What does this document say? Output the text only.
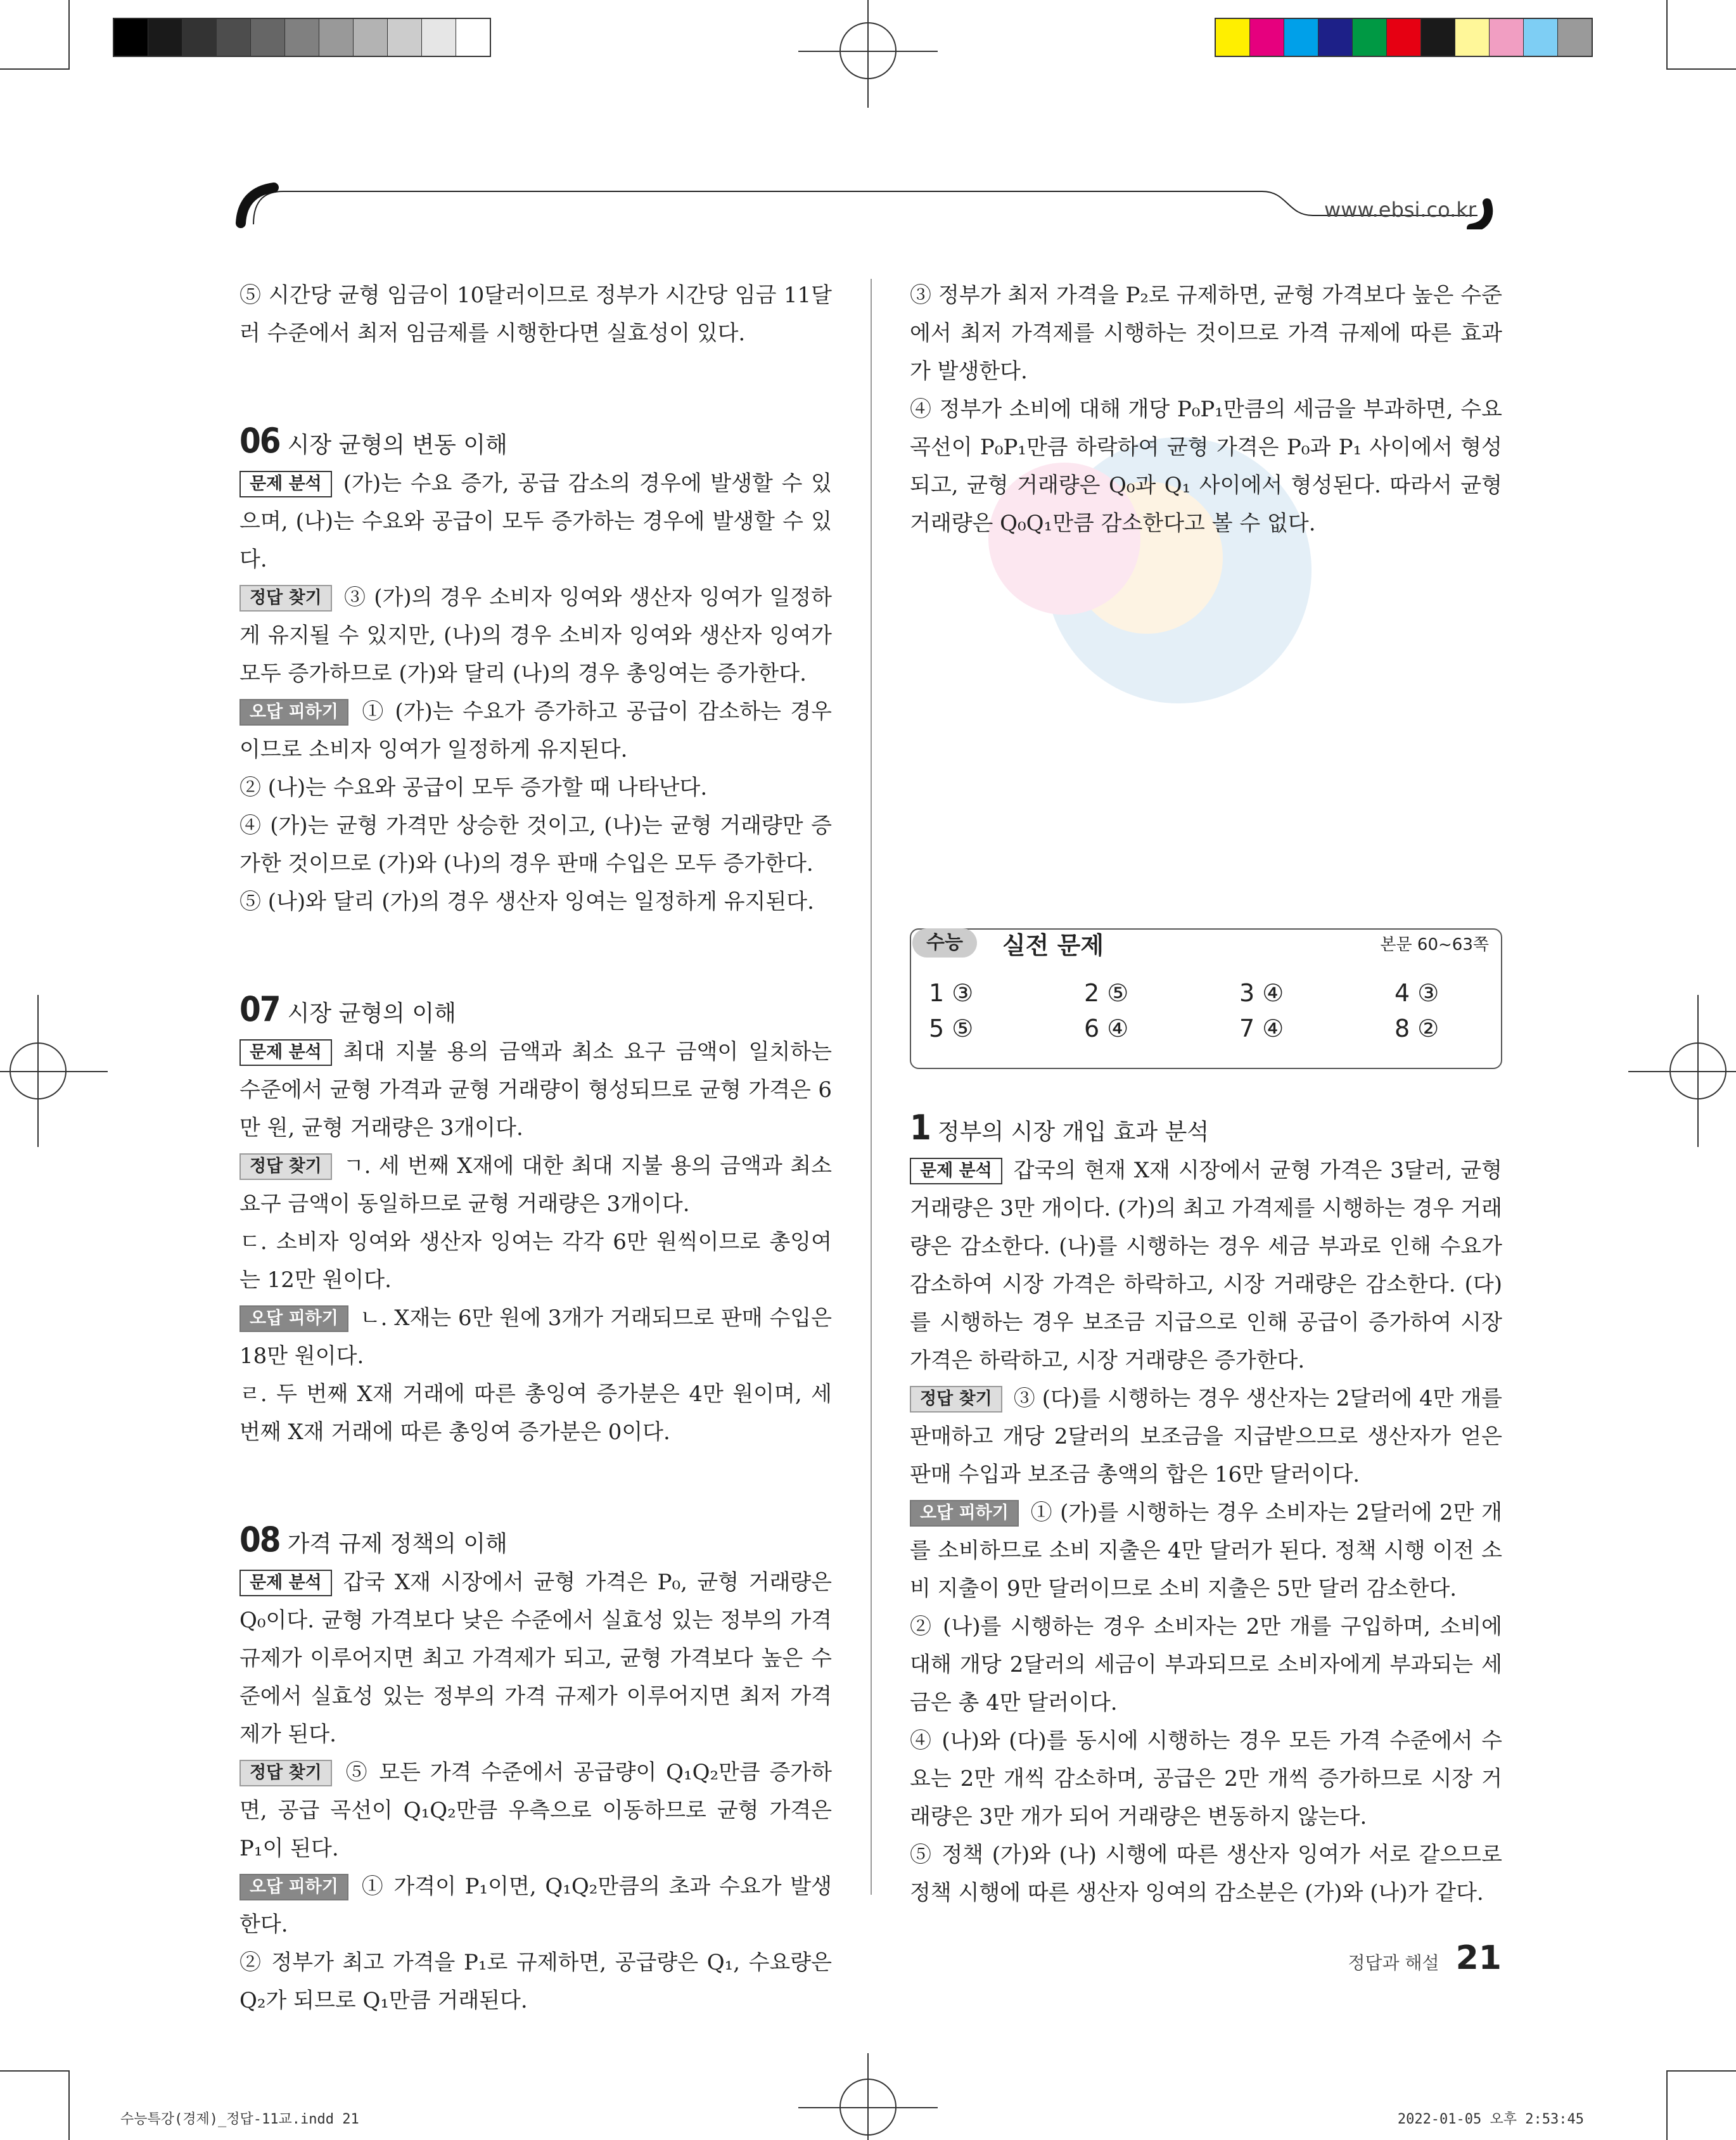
www.ebsi.co.kr

⑤ 시간당 균형 임금이 10달러이므로 정부가 시간당 임금 11달러 수준에서 최저 임금제를 시행한다면 실효성이 있다.

06 시장 균형의 변동 이해

문제 분석 (가)는 수요 증가, 공급 감소의 경우에 발생할 수 있으며, (나)는 수요와 공급이 모두 증가하는 경우에 발생할 수 있다.

정답 찾기 ③ (가)의 경우 소비자 잉여와 생산자 잉여가 일정하게 유지될 수 있지만, (나)의 경우 소비자 잉여와 생산자 잉여가 모두 증가하므로 (가)와 달리 (나)의 경우 총잉여는 증가한다.

오답 피하기 ① (가)는 수요가 증가하고 공급이 감소하는 경우이므로 소비자 잉여가 일정하게 유지된다.

② (나)는 수요와 공급이 모두 증가할 때 나타난다.

④ (가)는 균형 가격만 상승한 것이고, (나)는 균형 거래량만 증가한 것이므로 (가)와 (나)의 경우 판매 수입은 모두 증가한다.

⑤ (나)와 달리 (가)의 경우 생산자 잉여는 일정하게 유지된다.

07 시장 균형의 이해

문제 분석 최대 지불 용의 금액과 최소 요구 금액이 일치하는 수준에서 균형 가격과 균형 거래량이 형성되므로 균형 가격은 6만 원, 균형 거래량은 3개이다.

정답 찾기 ㄱ. 세 번째 X재에 대한 최대 지불 용의 금액과 최소 요구 금액이 동일하므로 균형 거래량은 3개이다.

ㄷ. 소비자 잉여와 생산자 잉여는 각각 6만 원씩이므로 총잉여는 12만 원이다.

오답 피하기 ㄴ. X재는 6만 원에 3개가 거래되므로 판매 수입은 18만 원이다.

ㄹ. 두 번째 X재 거래에 따른 총잉여 증가분은 4만 원이며, 세 번째 X재 거래에 따른 총잉여 증가분은 0이다.

08 가격 규제 정책의 이해

문제 분석 갑국 X재 시장에서 균형 가격은 P₀, 균형 거래량은 Q₀이다. 균형 가격보다 낮은 수준에서 실효성 있는 정부의 가격 규제가 이루어지면 최고 가격제가 되고, 균형 가격보다 높은 수준에서 실효성 있는 정부의 가격 규제가 이루어지면 최저 가격제가 된다.

정답 찾기 ⑤ 모든 가격 수준에서 공급량이 Q₁Q₂만큼 증가하면, 공급 곡선이 Q₁Q₂만큼 우측으로 이동하므로 균형 가격은 P₁이 된다.

오답 피하기 ① 가격이 P₁이면, Q₁Q₂만큼의 초과 수요가 발생한다.

② 정부가 최고 가격을 P₁로 규제하면, 공급량은 Q₁, 수요량은 Q₂가 되므로 Q₁만큼 거래된다.

③ 정부가 최저 가격을 P₂로 규제하면, 균형 가격보다 높은 수준에서 최저 가격제를 시행하는 것이므로 가격 규제에 따른 효과가 발생한다.

④ 정부가 소비에 대해 개당 P₀P₁만큼의 세금을 부과하면, 수요곡선이 P₀P₁만큼 하락하여 균형 가격은 P₀과 P₁ 사이에서 형성되고, 균형 거래량은 Q₀과 Q₁ 사이에서 형성된다. 따라서 균형 거래량은 Q₀Q₁만큼 감소한다고 볼 수 없다.

수능	실전 문제	본문 60~63쪽
1 ③	2 ⑤	3 ④	4 ③
5 ⑤	6 ④	7 ④	8 ②

1 정부의 시장 개입 효과 분석

문제 분석 갑국의 현재 X재 시장에서 균형 가격은 3달러, 균형 거래량은 3만 개이다. (가)의 최고 가격제를 시행하는 경우 거래량은 감소한다. (나)를 시행하는 경우 세금 부과로 인해 수요가 감소하여 시장 가격은 하락하고, 시장 거래량은 감소한다. (다)를 시행하는 경우 보조금 지급으로 인해 공급이 증가하여 시장 가격은 하락하고, 시장 거래량은 증가한다.

정답 찾기 ③ (다)를 시행하는 경우 생산자는 2달러에 4만 개를 판매하고 개당 2달러의 보조금을 지급받으므로 생산자가 얻은 판매 수입과 보조금 총액의 합은 16만 달러이다.

오답 피하기 ① (가)를 시행하는 경우 소비자는 2달러에 2만 개를 소비하므로 소비 지출은 4만 달러가 된다. 정책 시행 이전 소비 지출이 9만 달러이므로 소비 지출은 5만 달러 감소한다.

② (나)를 시행하는 경우 소비자는 2만 개를 구입하며, 소비에 대해 개당 2달러의 세금이 부과되므로 소비자에게 부과되는 세금은 총 4만 달러이다.

④ (나)와 (다)를 동시에 시행하는 경우 모든 가격 수준에서 수요는 2만 개씩 감소하며, 공급은 2만 개씩 증가하므로 시장 거래량은 3만 개가 되어 거래량은 변동하지 않는다.

⑤ 정책 (가)와 (나) 시행에 따른 생산자 잉여가 서로 같으므로 정책 시행에 따른 생산자 잉여의 감소분은 (가)와 (나)가 같다.

정답과 해설 21
수능특강(경제)_정답-11교.indd 21	2022-01-05 오후 2:53:45
